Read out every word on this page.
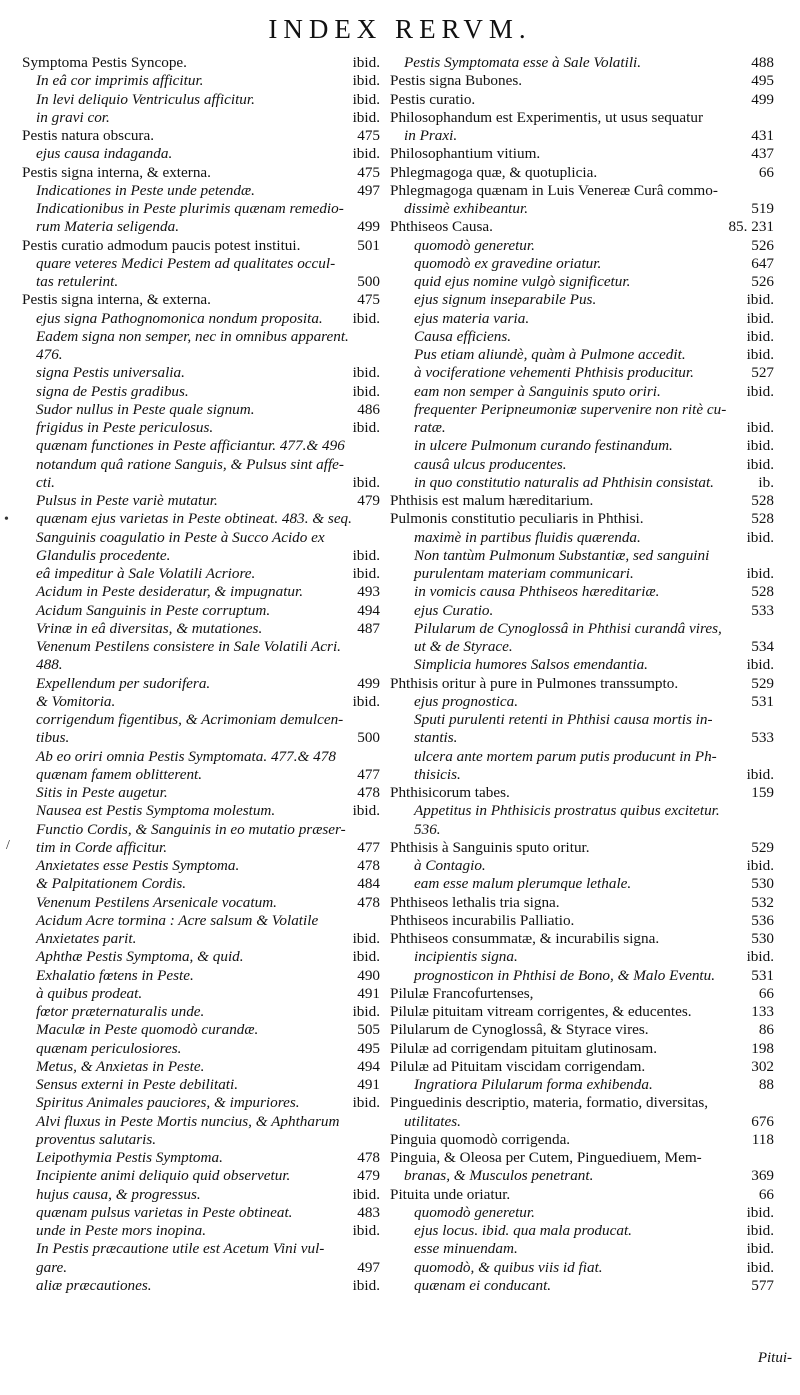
INDEX RERVM.
•
/
Symptoma Pestis Syncope.	ibid.
In eâ cor imprimis afficitur.	ibid.
In levi deliquio Ventriculus afficitur.	ibid.
in gravi cor.	ibid.
Pestis natura obscura.	475
ejus causa indaganda.	ibid.
Pestis signa interna, & externa.	475
Indicationes in Peste unde petendæ.	497
Indicationibus in Peste plurimis quænam remedio-
rum Materia seligenda.	499
Pestis curatio admodum paucis potest institui.	501
quare veteres Medici Pestem ad qualitates occul-
tas retulerint.	500
Pestis signa interna, & externa.	475
ejus signa Pathognomonica nondum proposita. ibid.
Eadem signa non semper, nec in omnibus apparent.
476.
signa Pestis universalia.	ibid.
signa de Pestis gradibus.	ibid.
Sudor nullus in Peste quale signum.	486
frigidus in Peste periculosus.	ibid.
quænam functiones in Peste afficiantur. 477.& 496
notandum quâ ratione Sanguis, & Pulsus sint affe-
cti.	ibid.
Pulsus in Peste variè mutatur.	479
quænam ejus varietas in Peste obtineat. 483. & seq.
Sanguinis coagulatio in Peste à Succo Acido ex
Glandulis procedente.	ibid.
eâ impeditur à Sale Volatili Acriore.	ibid.
Acidum in Peste desideratur, & impugnatur.	493
Acidum Sanguinis in Peste corruptum.	494
Vrinæ in eâ diversitas, & mutationes.	487
Venenum Pestilens consistere in Sale Volatili Acri.
488.
Expellendum per sudorifera.	499
& Vomitoria.	ibid.
corrigendum figentibus, & Acrimoniam demulcen-
tibus.	500
Ab eo oriri omnia Pestis Symptomata. 477.& 478
quænam famem oblitterent.	477
Sitis in Peste augetur.	478
Nausea est Pestis Symptoma molestum.	ibid.
Functio Cordis, & Sanguinis in eo mutatio præser-
tim in Corde afficitur.	477
Anxietates esse Pestis Symptoma.	478
& Palpitationem Cordis.	484
Venenum Pestilens Arsenicale vocatum.	478
Acidum Acre tormina : Acre salsum & Volatile
Anxietates parit.	ibid.
Aphthæ Pestis Symptoma, & quid.	ibid.
Exhalatio fœtens in Peste.	490
à quibus prodeat.	491
fœtor præternaturalis unde.	ibid.
Maculæ in Peste quomodò curandæ.	505
quænam periculosiores.	495
Metus, & Anxietas in Peste.	494
Sensus externi in Peste debilitati.	491
Spiritus Animales pauciores, & impuriores.	ibid.
Alvi fluxus in Peste Mortis nuncius, & Aphtharum
proventus salutaris.
Leipothymia Pestis Symptoma.	478
Incipiente animi deliquio quid observetur.	479
hujus causa, & progressus.	ibid.
quænam pulsus varietas in Peste obtineat.	483
unde in Peste mors inopina.	ibid.
In Pestis præcautione utile est Acetum Vini vul-
gare.	497
aliæ præcautiones.	ibid.
Pestis Symptomata esse à Sale Volatili.	488
Pestis signa Bubones.	495
Pestis curatio.	499
Philosophandum est Experimentis, ut usus sequatur
in Praxi.	431
Philosophantium vitium.	437
Phlegmagoga quæ, & quotuplicia.	66
Phlegmagoga quænam in Luis Venereæ Curâ commo-
dissimè exhibeantur.	519
Phthiseos Causa.	85. 231
quomodò generetur.	526
quomodò ex gravedine oriatur.	647
quid ejus nomine vulgò significetur.	526
ejus signum inseparabile Pus.	ibid.
ejus materia varia.	ibid.
Causa efficiens.	ibid.
Pus etiam aliundè, quàm à Pulmone accedit.	ibid.
à vociferatione vehementi Phthisis producitur.	527
eam non semper à Sanguinis sputo oriri.	ibid.
frequenter Peripneumoniæ supervenire non ritè cu-
ratæ.	ibid.
in ulcere Pulmonum curando festinandum.	ibid.
causâ ulcus producentes.	ibid.
in quo constitutio naturalis ad Phthisin consistat.	ib.
Phthisis est malum hæreditarium.	528
Pulmonis constitutio peculiaris in Phthisi.	528
maximè in partibus fluidis quærenda.	ibid.
Non tantùm Pulmonum Substantiæ, sed sanguini
purulentam materiam communicari.	ibid.
in vomicis causa Phthiseos hæreditariæ.	528
ejus Curatio.	533
Pilularum de Cynoglossâ in Phthisi curandâ vires,
ut & de Styrace.	534
Simplicia humores Salsos emendantia.	ibid.
Phthisis oritur à pure in Pulmones transsumpto.	529
ejus prognostica.	531
Sputi purulenti retenti in Phthisi causa mortis in-
stantis.	533
ulcera ante mortem parum putis producunt in Ph-
thisicis.	ibid.
Phthisicorum tabes.	159
Appetitus in Phthisicis prostratus quibus excitetur.
536.
Phthisis à Sanguinis sputo oritur.	529
à Contagio.	ibid.
eam esse malum plerumque lethale.	530
Phthiseos lethalis tria signa.	532
Phthiseos incurabilis Palliatio.	536
Phthiseos consummatæ, & incurabilis signa.	530
incipientis signa.	ibid.
prognosticon in Phthisi de Bono, & Malo Eventu. 531
Pilulæ Francofurtenses,	66
Pilulæ pituitam vitream corrigentes, & educentes.	133
Pilularum de Cynoglossâ, & Styrace vires.	86
Pilulæ ad corrigendam pituitam glutinosam.	198
Pilulæ ad Pituitam viscidam corrigendam.	302
Ingratiora Pilularum forma exhibenda.	88
Pinguedinis descriptio, materia, formatio, diversitas,
utilitates.	676
Pinguia quomodò corrigenda.	118
Pinguia, & Oleosa per Cutem, Pinguediuem, Mem-
branas, & Musculos penetrant.	369
Pituita unde oriatur.	66
quomodò generetur.	ibid.
ejus locus. ibid. qua mala producat.	ibid.
esse minuendam.	ibid.
quomodò, & quibus viis id fiat.	ibid.
quænam ei conducant.	577
Pitui-
